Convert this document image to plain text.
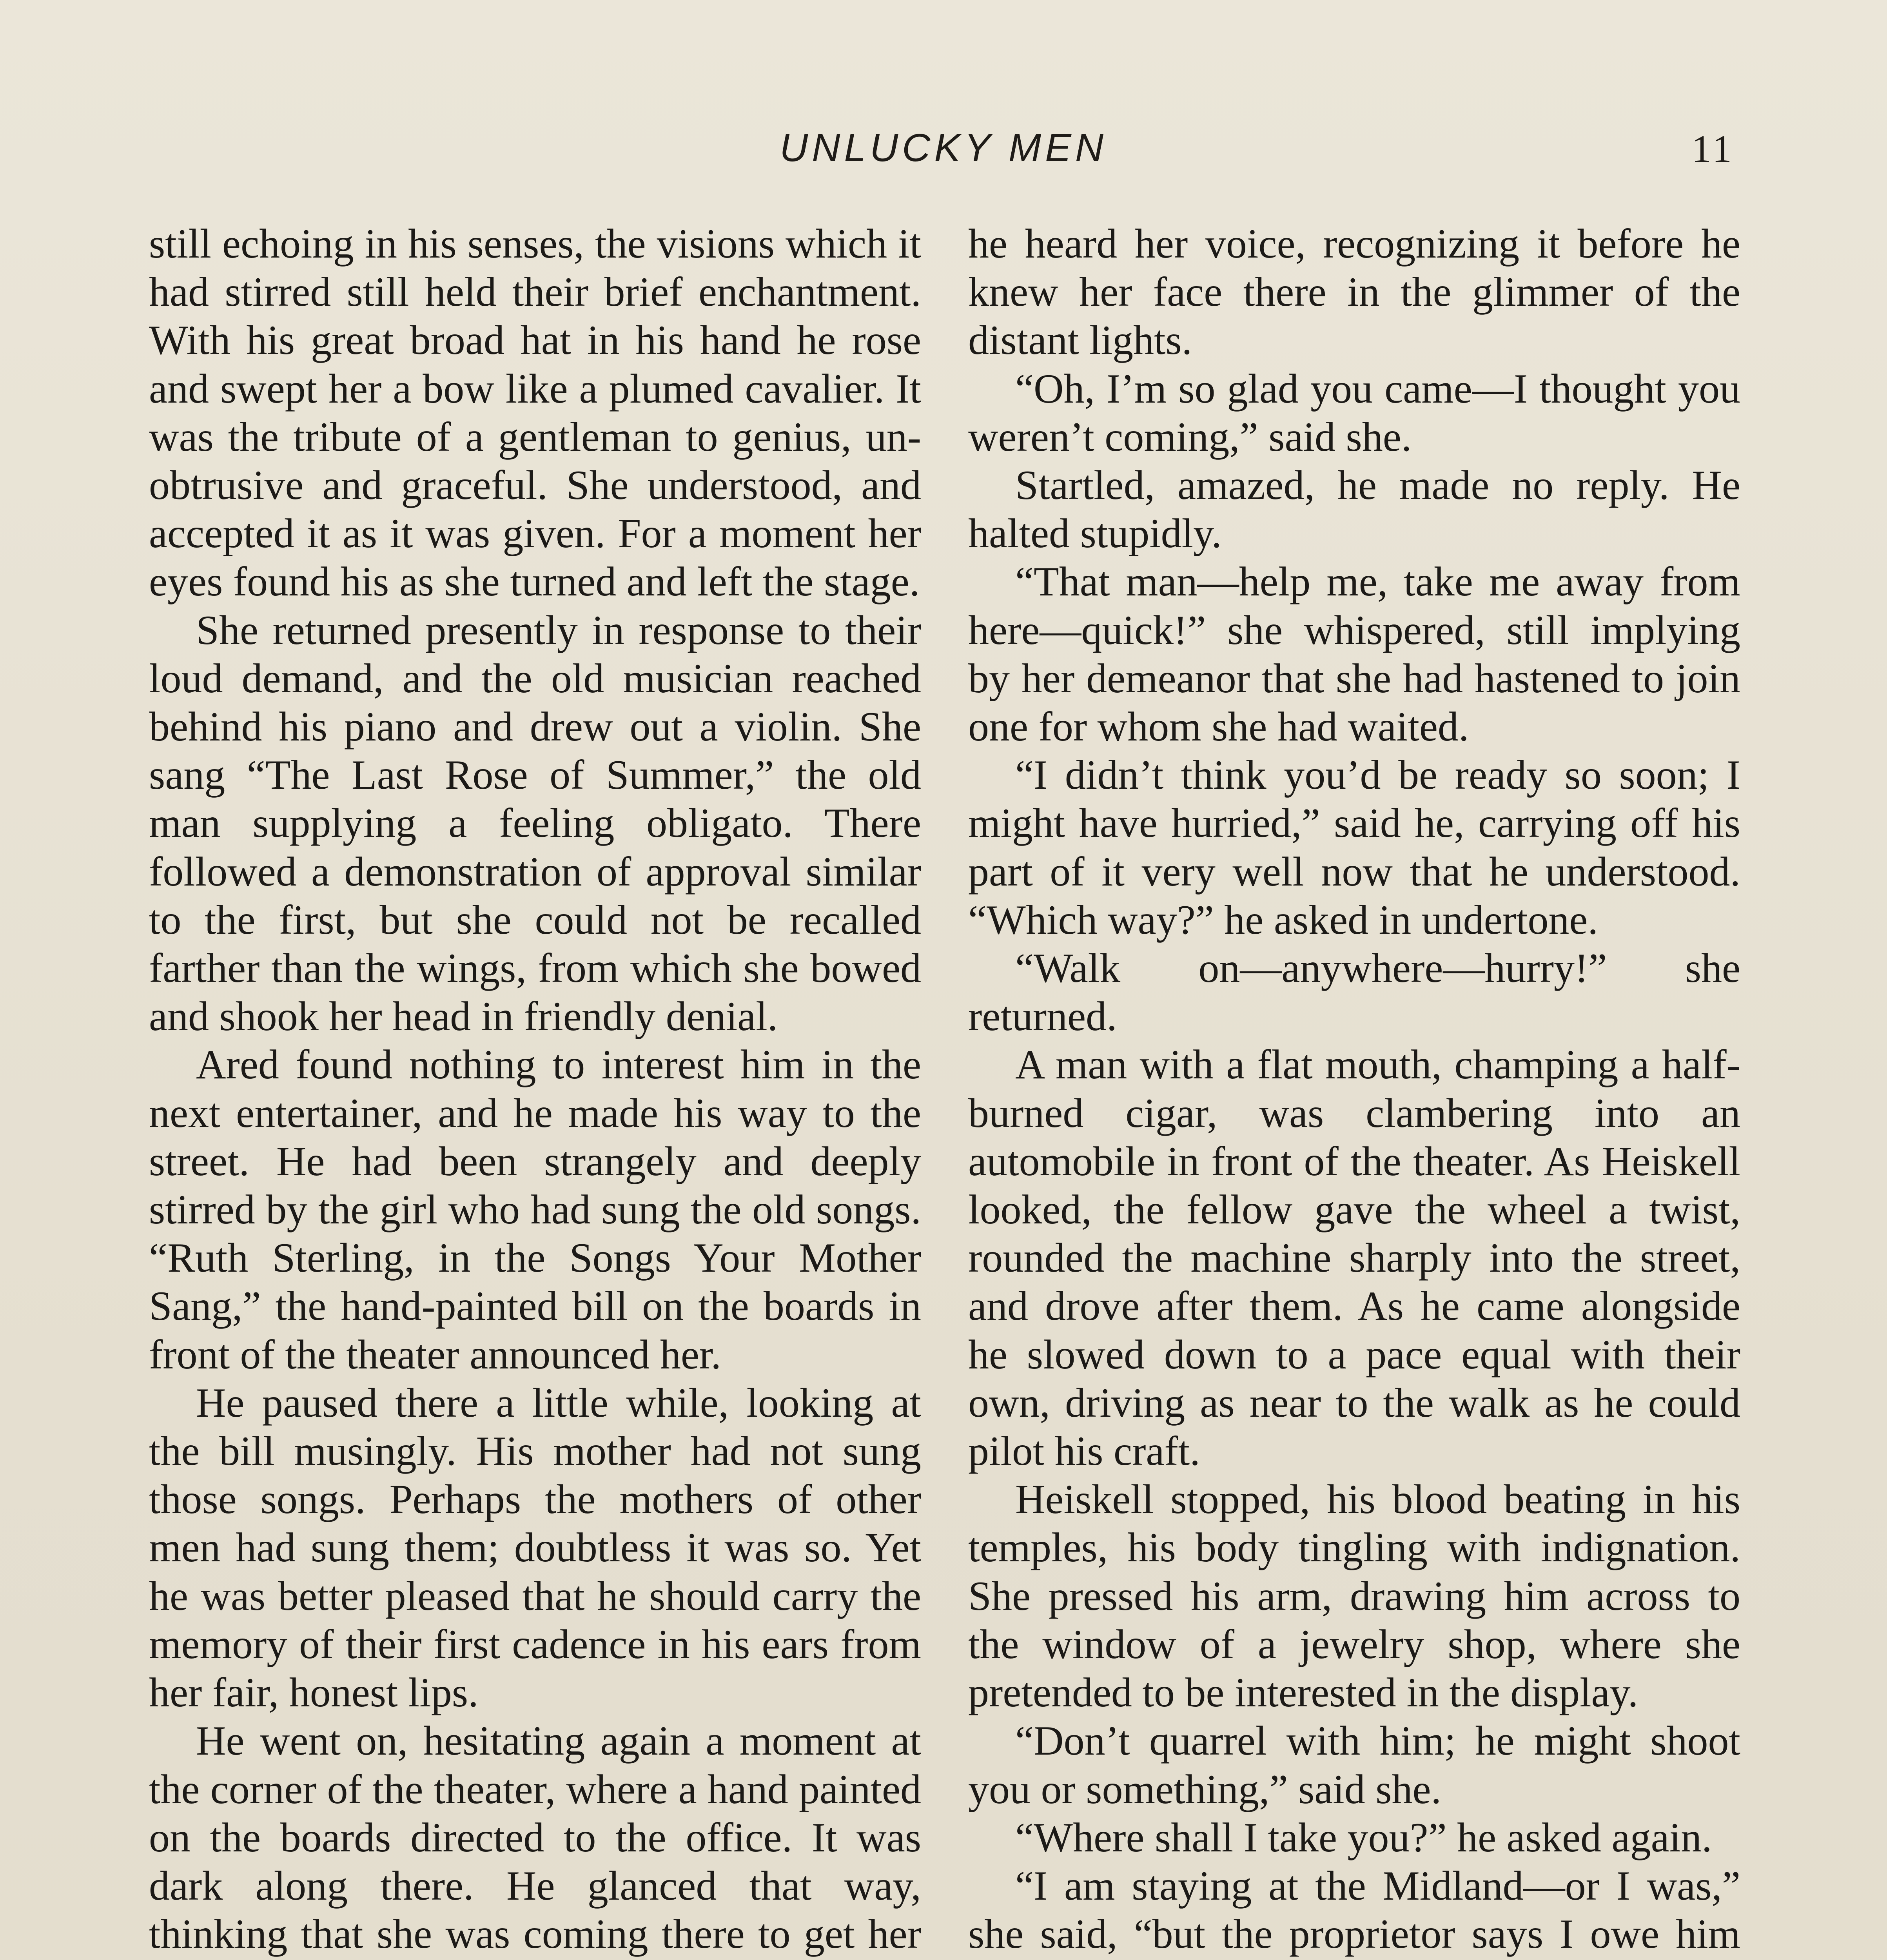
UNLUCKY MEN	11

still echoing in his senses, the visions which it had stirred still held their brief enchantment. With his great broad hat in his hand he rose and swept her a bow like a plumed cavalier. It was the tribute of a gentleman to genius, unobtrusive and graceful. She understood, and accepted it as it was given. For a moment her eyes found his as she turned and left the stage.

She returned presently in response to their loud demand, and the old musician reached behind his piano and drew out a violin. She sang “The Last Rose of Summer,” the old man supplying a feeling obligato. There followed a demonstration of approval similar to the first, but she could not be recalled farther than the wings, from which she bowed and shook her head in friendly denial.

Ared found nothing to interest him in the next entertainer, and he made his way to the street. He had been strangely and deeply stirred by the girl who had sung the old songs. “Ruth Sterling, in the Songs Your Mother Sang,” the hand-painted bill on the boards in front of the theater announced her.

He paused there a little while, looking at the bill musingly. His mother had not sung those songs. Perhaps the mothers of other men had sung them; doubtless it was so. Yet he was better pleased that he should carry the memory of their first cadence in his ears from her fair, honest lips.

He went on, hesitating again a moment at the corner of the theater, where a hand painted on the boards directed to the office. It was dark along there. He glanced that way, thinking that she was coming there to get her

he heard her voice, recognizing it before he knew her face there in the glimmer of the distant lights.

“Oh, I’m so glad you came—I thought you weren’t coming,” said she.

Startled, amazed, he made no reply. He halted stupidly.

“That man—help me, take me away from here—quick!” she whispered, still implying by her demeanor that she had hastened to join one for whom she had waited.

“I didn’t think you’d be ready so soon; I might have hurried,” said he, carrying off his part of it very well now that he understood. “Which way?” he asked in undertone.

“Walk on—anywhere—hurry!” she returned.

A man with a flat mouth, champing a half-burned cigar, was clambering into an automobile in front of the theater. As Heiskell looked, the fellow gave the wheel a twist, rounded the machine sharply into the street, and drove after them. As he came alongside he slowed down to a pace equal with their own, driving as near to the walk as he could pilot his craft.

Heiskell stopped, his blood beating in his temples, his body tingling with indignation. She pressed his arm, drawing him across to the window of a jewelry shop, where she pretended to be interested in the display.

“Don’t quarrel with him; he might shoot you or something,” said she.

“Where shall I take you?” he asked again.

“I am staying at the Midland—or I was,” she said, “but the proprietor says I owe him
